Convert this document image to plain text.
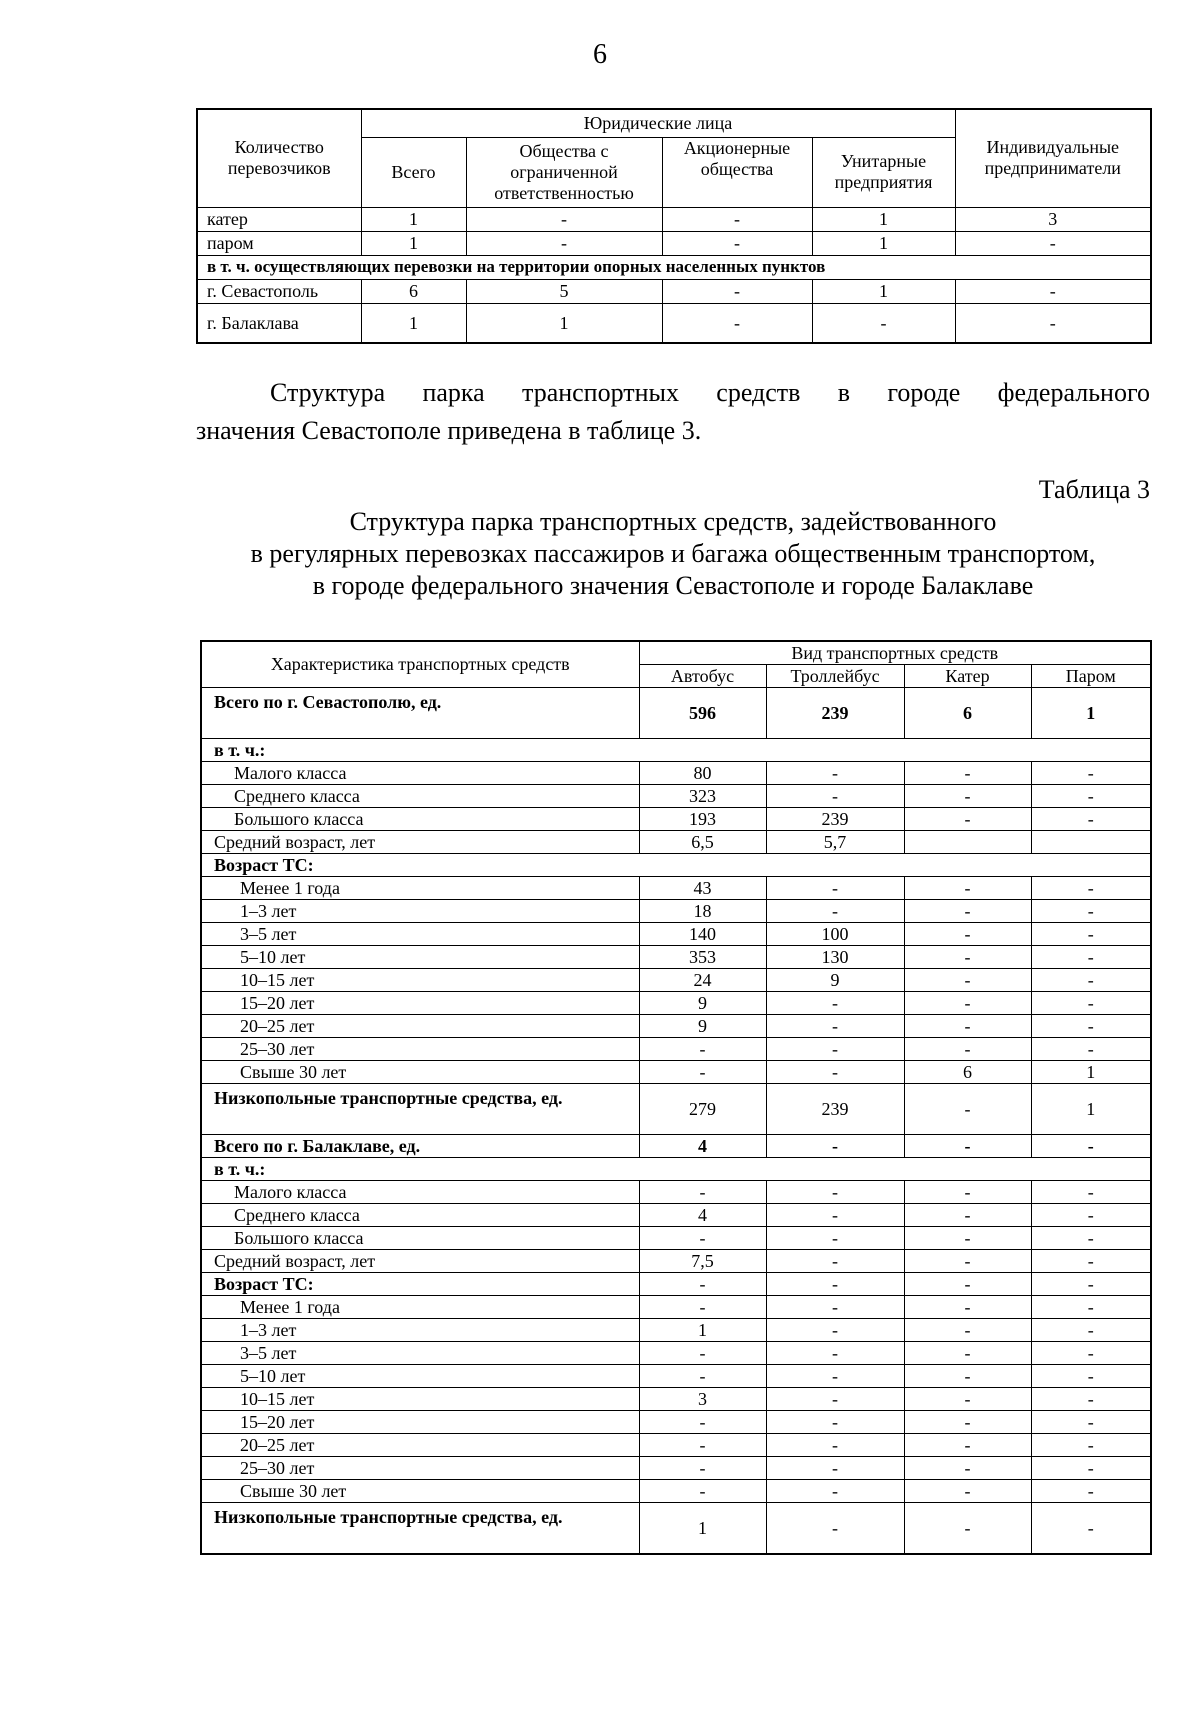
6
Количество перевозчиков	Юридические лица				Индивидуальные предприниматели
	Всего	Общества с ограниченной ответственностью	Акционерные общества	Унитарные предприятия	
катер	1	-	-	1	3
паром	1	-	-	1	-
в т. ч. осуществляющих перевозки на территории опорных населенных пунктов					
г. Севастополь	6	5	-	1	-
г. Балаклава	1	1	-	-	-
Структура парка транспортных средств в городе федерального
значения Севастополе приведена в таблице 3.
Таблица 3
Структура парка транспортных средств, задействованного
в регулярных перевозках пассажиров и багажа общественным транспортом,
в городе федерального значения Севастополе и городе Балаклаве
Характеристика транспортных средств	Вид транспортных средств			
	Автобус	Троллейбус	Катер	Паром
Всего по г. Севастополю, ед.	596	239	6	1
в т. ч.:				
Малого класса	80	-	-	-
Среднего класса	323	-	-	-
Большого класса	193	239	-	-
Средний возраст, лет	6,5	5,7		
Возраст ТС:				
Менее 1 года	43	-	-	-
1–3 лет	18	-	-	-
3–5 лет	140	100	-	-
5–10 лет	353	130	-	-
10–15 лет	24	9	-	-
15–20 лет	9	-	-	-
20–25 лет	9	-	-	-
25–30 лет	-	-	-	-
Свыше 30 лет	-	-	6	1
Низкопольные транспортные средства, ед.	279	239	-	1
Всего по г. Балаклаве, ед.	4	-	-	-
в т. ч.:				
Малого класса	-	-	-	-
Среднего класса	4	-	-	-
Большого класса	-	-	-	-
Средний возраст, лет	7,5	-	-	-
Возраст ТС:	-	-	-	-
Менее 1 года	-	-	-	-
1–3 лет	1	-	-	-
3–5 лет	-	-	-	-
5–10 лет	-	-	-	-
10–15 лет	3	-	-	-
15–20 лет	-	-	-	-
20–25 лет	-	-	-	-
25–30 лет	-	-	-	-
Свыше 30 лет	-	-	-	-
Низкопольные транспортные средства, ед.	1	-	-	-
